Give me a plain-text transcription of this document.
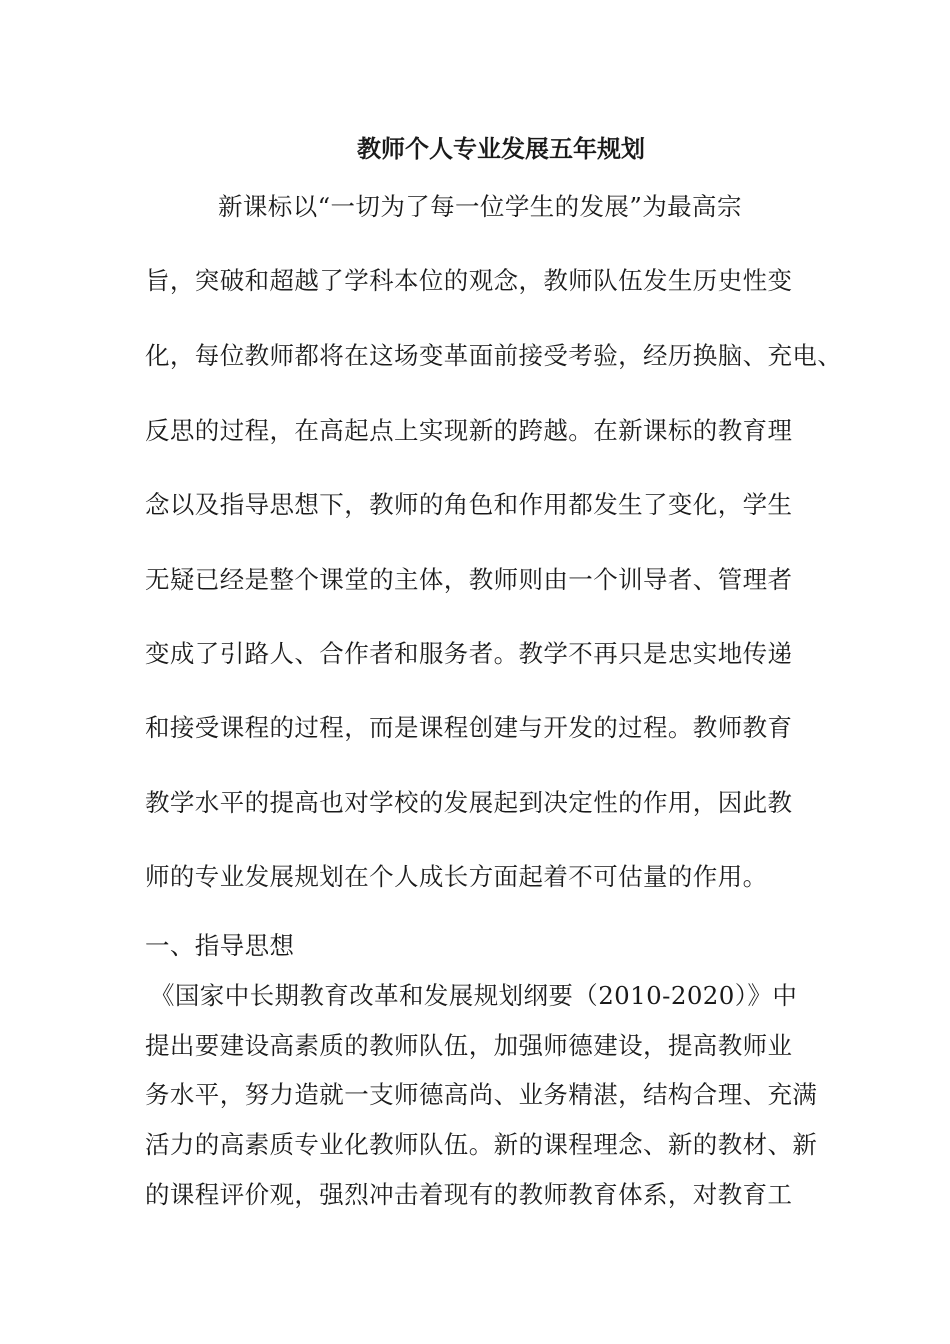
教师个人专业发展五年规划
新课标以“一切为了每一位学生的发展”为最高宗
旨，突破和超越了学科本位的观念，教师队伍发生历史性变
化，每位教师都将在这场变革面前接受考验，经历换脑、充电、
反思的过程，在高起点上实现新的跨越。在新课标的教育理
念以及指导思想下，教师的角色和作用都发生了变化，学生
无疑已经是整个课堂的主体，教师则由一个训导者、管理者
变成了引路人、合作者和服务者。教学不再只是忠实地传递
和接受课程的过程，而是课程创建与开发的过程。教师教育
教学水平的提高也对学校的发展起到决定性的作用，因此教
师的专业发展规划在个人成长方面起着不可估量的作用。
一、指导思想
《国家中长期教育改革和发展规划纲要（2010-2020）》中
提出要建设高素质的教师队伍，加强师德建设，提高教师业
务水平，努力造就一支师德高尚、业务精湛，结构合理、充满
活力的高素质专业化教师队伍。新的课程理念、新的教材、新
的课程评价观，强烈冲击着现有的教师教育体系，对教育工
